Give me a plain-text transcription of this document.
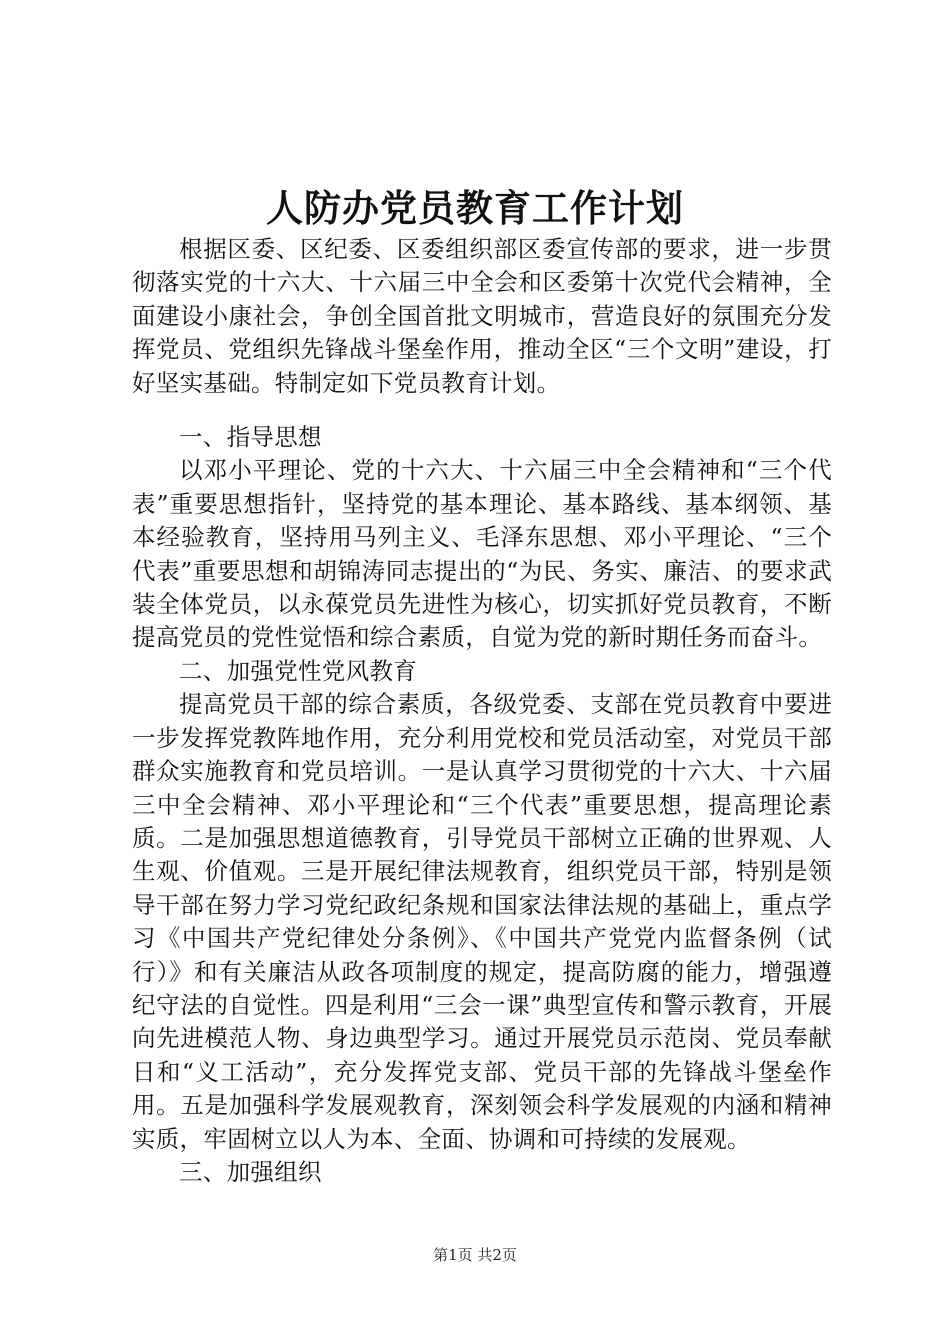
人防办党员教育工作计划

根据区委、区纪委、区委组织部区委宣传部的要求，进一步贯彻落实党的十六大、十六届三中全会和区委第十次党代会精神，全面建设小康社会，争创全国首批文明城市，营造良好的氛围充分发挥党员、党组织先锋战斗堡垒作用，推动全区“三个文明”建设，打好坚实基础。特制定如下党员教育计划。

一、指导思想

以邓小平理论、党的十六大、十六届三中全会精神和“三个代表”重要思想指针，坚持党的基本理论、基本路线、基本纲领、基本经验教育，坚持用马列主义、毛泽东思想、邓小平理论、“三个代表”重要思想和胡锦涛同志提出的“为民、务实、廉洁、的要求武装全体党员，以永葆党员先进性为核心，切实抓好党员教育，不断提高党员的党性觉悟和综合素质，自觉为党的新时期任务而奋斗。

二、加强党性党风教育

提高党员干部的综合素质，各级党委、支部在党员教育中要进一步发挥党教阵地作用，充分利用党校和党员活动室，对党员干部群众实施教育和党员培训。一是认真学习贯彻党的十六大、十六届三中全会精神、邓小平理论和“三个代表”重要思想，提高理论素质。二是加强思想道德教育，引导党员干部树立正确的世界观、人生观、价值观。三是开展纪律法规教育，组织党员干部，特别是领导干部在努力学习党纪政纪条规和国家法律法规的基础上，重点学习《中国共产党纪律处分条例》、《中国共产党党内监督条例（试行）》和有关廉洁从政各项制度的规定，提高防腐的能力，增强遵纪守法的自觉性。四是利用“三会一课”典型宣传和警示教育，开展向先进模范人物、身边典型学习。通过开展党员示范岗、党员奉献日和“义工活动”，充分发挥党支部、党员干部的先锋战斗堡垒作用。五是加强科学发展观教育，深刻领会科学发展观的内涵和精神实质，牢固树立以人为本、全面、协调和可持续的发展观。

三、加强组织

第1页 共2页
